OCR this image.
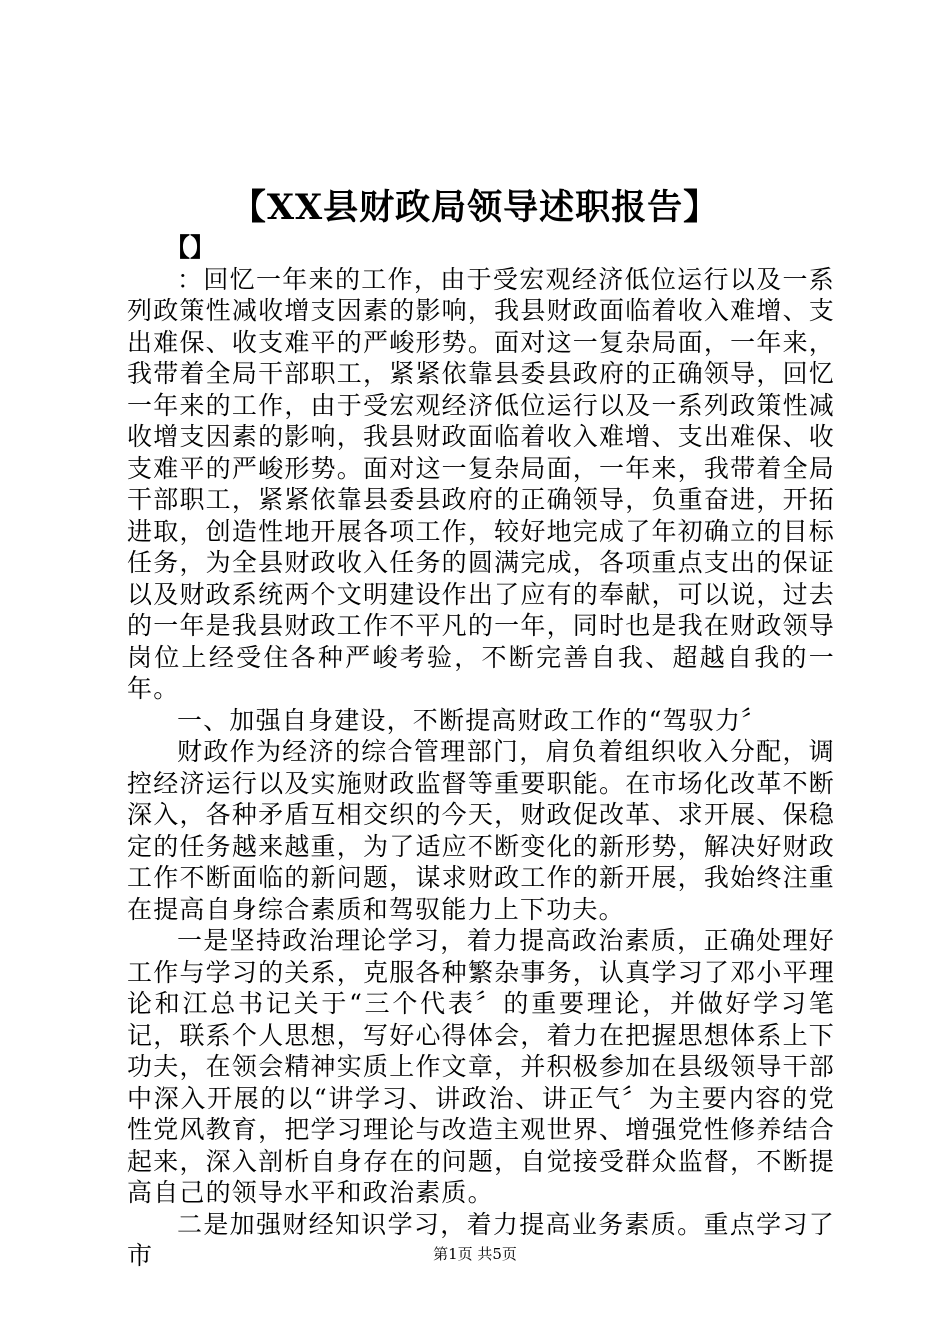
【XX县财政局领导述职报告】

【】

：回忆一年来的工作，由于受宏观经济低位运行以及一系列政策性减收增支因素的影响，我县财政面临着收入难增、支出难保、收支难平的严峻形势。面对这一复杂局面，一年来，我带着全局干部职工，紧紧依靠县委县政府的正确领导，回忆一年来的工作，由于受宏观经济低位运行以及一系列政策性减收增支因素的影响，我县财政面临着收入难增、支出难保、收支难平的严峻形势。面对这一复杂局面，一年来，我带着全局干部职工，紧紧依靠县委县政府的正确领导，负重奋进，开拓进取，创造性地开展各项工作，较好地完成了年初确立的目标任务，为全县财政收入任务的圆满完成，各项重点支出的保证以及财政系统两个文明建设作出了应有的奉献，可以说，过去的一年是我县财政工作不平凡的一年，同时也是我在财政领导岗位上经受住各种严峻考验，不断完善自我、超越自我的一年。

一、加强自身建设，不断提高财政工作的“驾驭力〞

财政作为经济的综合管理部门，肩负着组织收入分配，调控经济运行以及实施财政监督等重要职能。在市场化改革不断深入，各种矛盾互相交织的今天，财政促改革、求开展、保稳定的任务越来越重，为了适应不断变化的新形势，解决好财政工作不断面临的新问题，谋求财政工作的新开展，我始终注重在提高自身综合素质和驾驭能力上下功夫。

一是坚持政治理论学习，着力提高政治素质，正确处理好工作与学习的关系，克服各种繁杂事务，认真学习了邓小平理论和江总书记关于“三个代表〞的重要理论，并做好学习笔记，联系个人思想，写好心得体会，着力在把握思想体系上下功夫，在领会精神实质上作文章，并积极参加在县级领导干部中深入开展的以“讲学习、讲政治、讲正气〞为主要内容的党性党风教育，把学习理论与改造主观世界、增强党性修养结合起来，深入剖析自身存在的问题，自觉接受群众监督，不断提高自己的领导水平和政治素质。

二是加强财经知识学习，着力提高业务素质。重点学习了市	第1页 共5页
